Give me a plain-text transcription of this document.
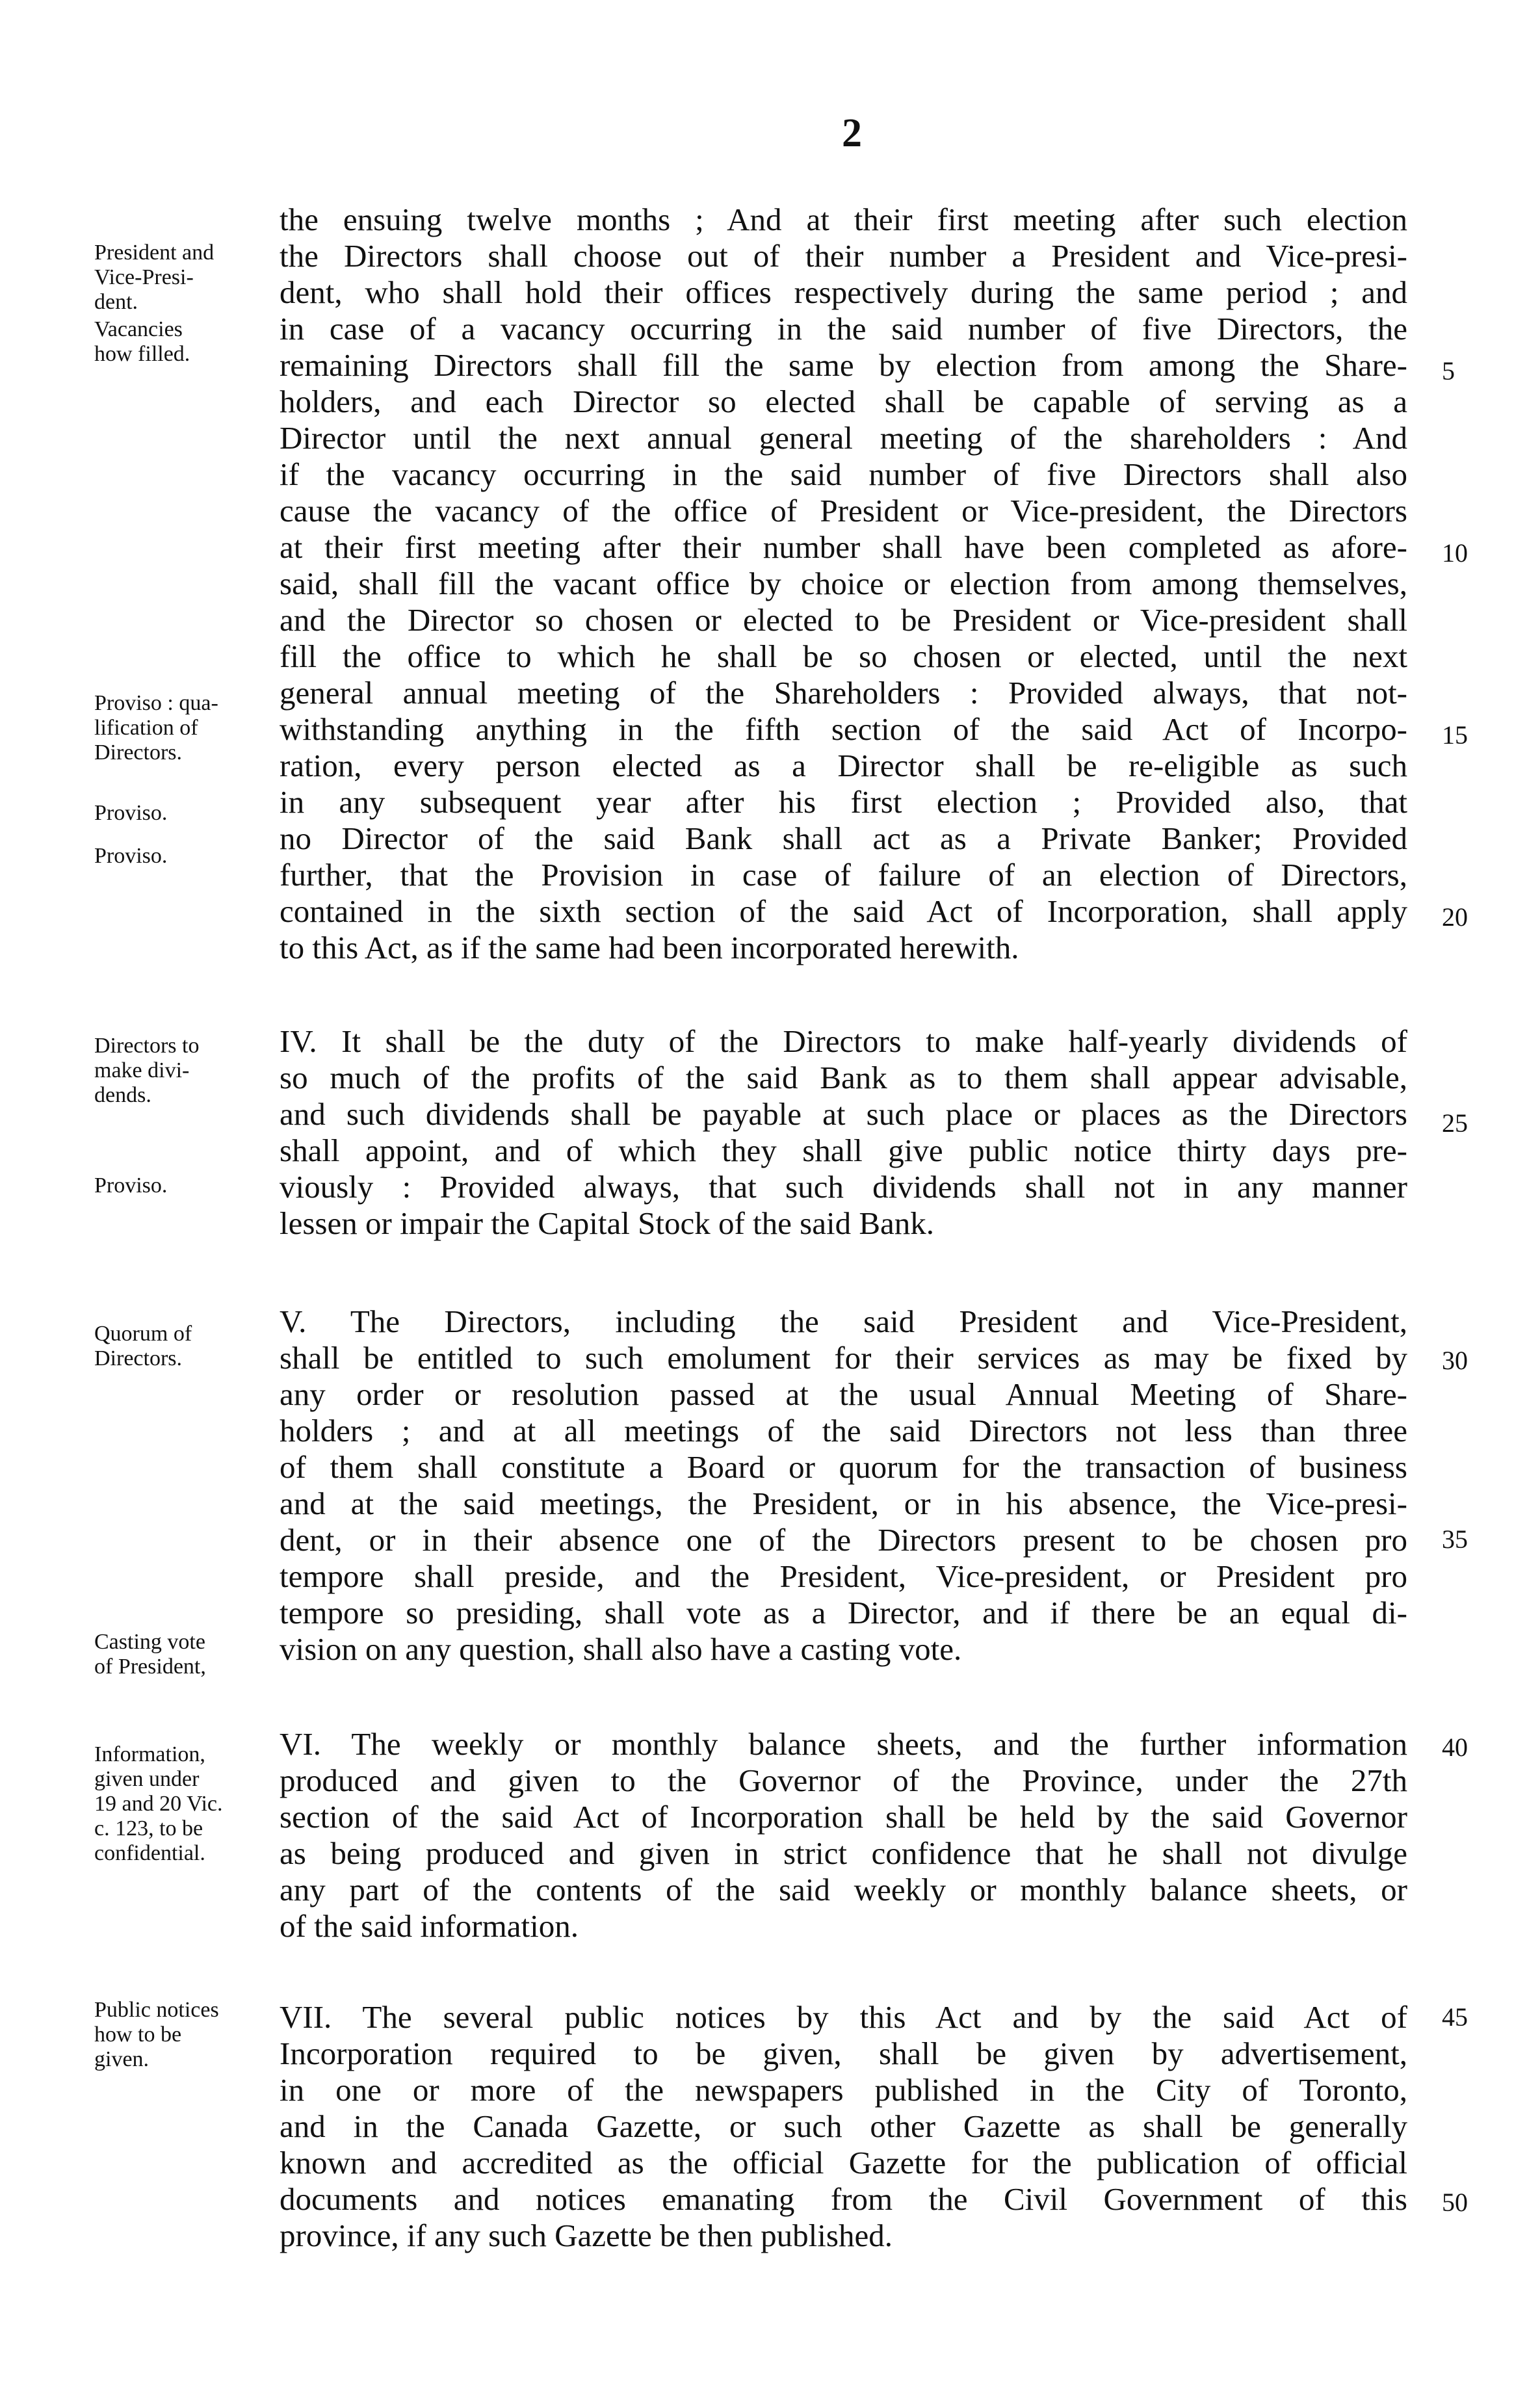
2
President and
Vice-Presi-
dent.
Vacancies
how filled.
Proviso : qua-
lification of
Directors.
Proviso.
Proviso.
Directors to
make divi-
dends.
Proviso.
Quorum of
Directors.
Casting vote
of President,
Information,
given under
19 and 20 Vic.
c. 123, to be
confidential.
Public notices
how to be
given.
the ensuing twelve months ; And at their first meeting after such election
the Directors shall choose out of their number a President and Vice-presi-
dent, who shall hold their offices respectively during the same period ; and
in case of a vacancy occurring in the said number of five Directors, the
remaining Directors shall fill the same by election from among the Share-
holders, and each Director so elected shall be capable of serving as a
Director until the next annual general meeting of the shareholders : And
if the vacancy occurring in the said number of five Directors shall also
cause the vacancy of the office of President or Vice-president, the Directors
at their first meeting after their number shall have been completed as afore-
said, shall fill the vacant office by choice or election from among themselves,
and the Director so chosen or elected to be President or Vice-president shall
fill the office to which he shall be so chosen or elected, until the next
general annual meeting of the Shareholders : Provided always, that not-
withstanding anything in the fifth section of the said Act of Incorpo-
ration, every person elected as a Director shall be re-eligible as such
in any subsequent year after his first election ; Provided also, that
no Director of the said Bank shall act as a Private Banker; Provided
further, that the Provision in case of failure of an election of Directors,
contained in the sixth section of the said Act of Incorporation, shall apply
to this Act, as if the same had been incorporated herewith.
IV. It shall be the duty of the Directors to make half-yearly dividends of
so much of the profits of the said Bank as to them shall appear advisable,
and such dividends shall be payable at such place or places as the Directors
shall appoint, and of which they shall give public notice thirty days pre-
viously : Provided always, that such dividends shall not in any manner
lessen or impair the Capital Stock of the said Bank.
V. The Directors, including the said President and Vice-President,
shall be entitled to such emolument for their services as may be fixed by
any order or resolution passed at the usual Annual Meeting of Share-
holders ; and at all meetings of the said Directors not less than three
of them shall constitute a Board or quorum for the transaction of business
and at the said meetings, the President, or in his absence, the Vice-presi-
dent, or in their absence one of the Directors present to be chosen pro
tempore shall preside, and the President, Vice-president, or President pro
tempore so presiding, shall vote as a Director, and if there be an equal di-
vision on any question, shall also have a casting vote.
VI. The weekly or monthly balance sheets, and the further information
produced and given to the Governor of the Province, under the 27th
section of the said Act of Incorporation shall be held by the said Governor
as being produced and given in strict confidence that he shall not divulge
any part of the contents of the said weekly or monthly balance sheets, or
of the said information.
VII. The several public notices by this Act and by the said Act of
Incorporation required to be given, shall be given by advertisement,
in one or more of the newspapers published in the City of Toronto,
and in the Canada Gazette, or such other Gazette as shall be generally
known and accredited as the official Gazette for the publication of official
documents and notices emanating from the Civil Government of this
province, if any such Gazette be then published.
5
10
15
20
25
30
35
40
45
50
